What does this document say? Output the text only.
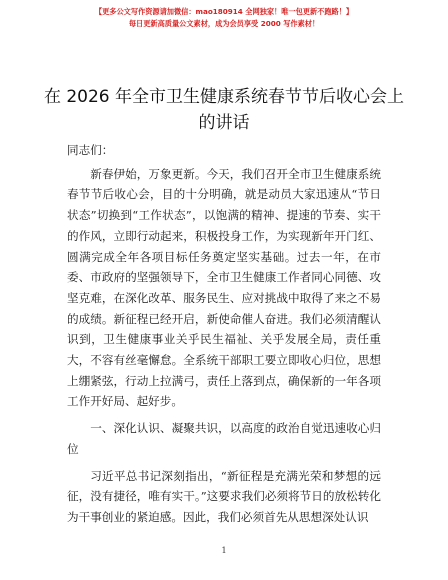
【更多公文写作资源请加微信：mao180914 全网独家！唯一包更新不跑路！】
每日更新高质量公文素材，成为会员享受 2000 写作素材！
在 2026 年全市卫生健康系统春节节后收心会上的讲话

同志们：

新春伊始，万象更新。今天，我们召开全市卫生健康系统春节节后收心会，目的十分明确，就是动员大家迅速从“节日状态”切换到“工作状态”，以饱满的精神、提速的节奏、实干的作风，立即行动起来，积极投身工作，为实现新年开门红、圆满完成全年各项目标任务奠定坚实基础。过去一年，在市委、市政府的坚强领导下，全市卫生健康工作者同心同德、攻坚克难，在深化改革、服务民生、应对挑战中取得了来之不易的成绩。新征程已经开启，新使命催人奋进。我们必须清醒认识到，卫生健康事业关乎民生福祉、关乎发展全局，责任重大，不容有丝毫懈怠。全系统干部职工要立即收心归位，思想上绷紧弦，行动上拉满弓，责任上落到点，确保新的一年各项工作开好局、起好步。

一、深化认识、凝聚共识，以高度的政治自觉迅速收心归位

习近平总书记深刻指出，“新征程是充满光荣和梦想的远征，没有捷径，唯有实干。”这要求我们必须将节日的放松转化为干事创业的紧迫感。因此，我们必须首先从思想深处认识

1
